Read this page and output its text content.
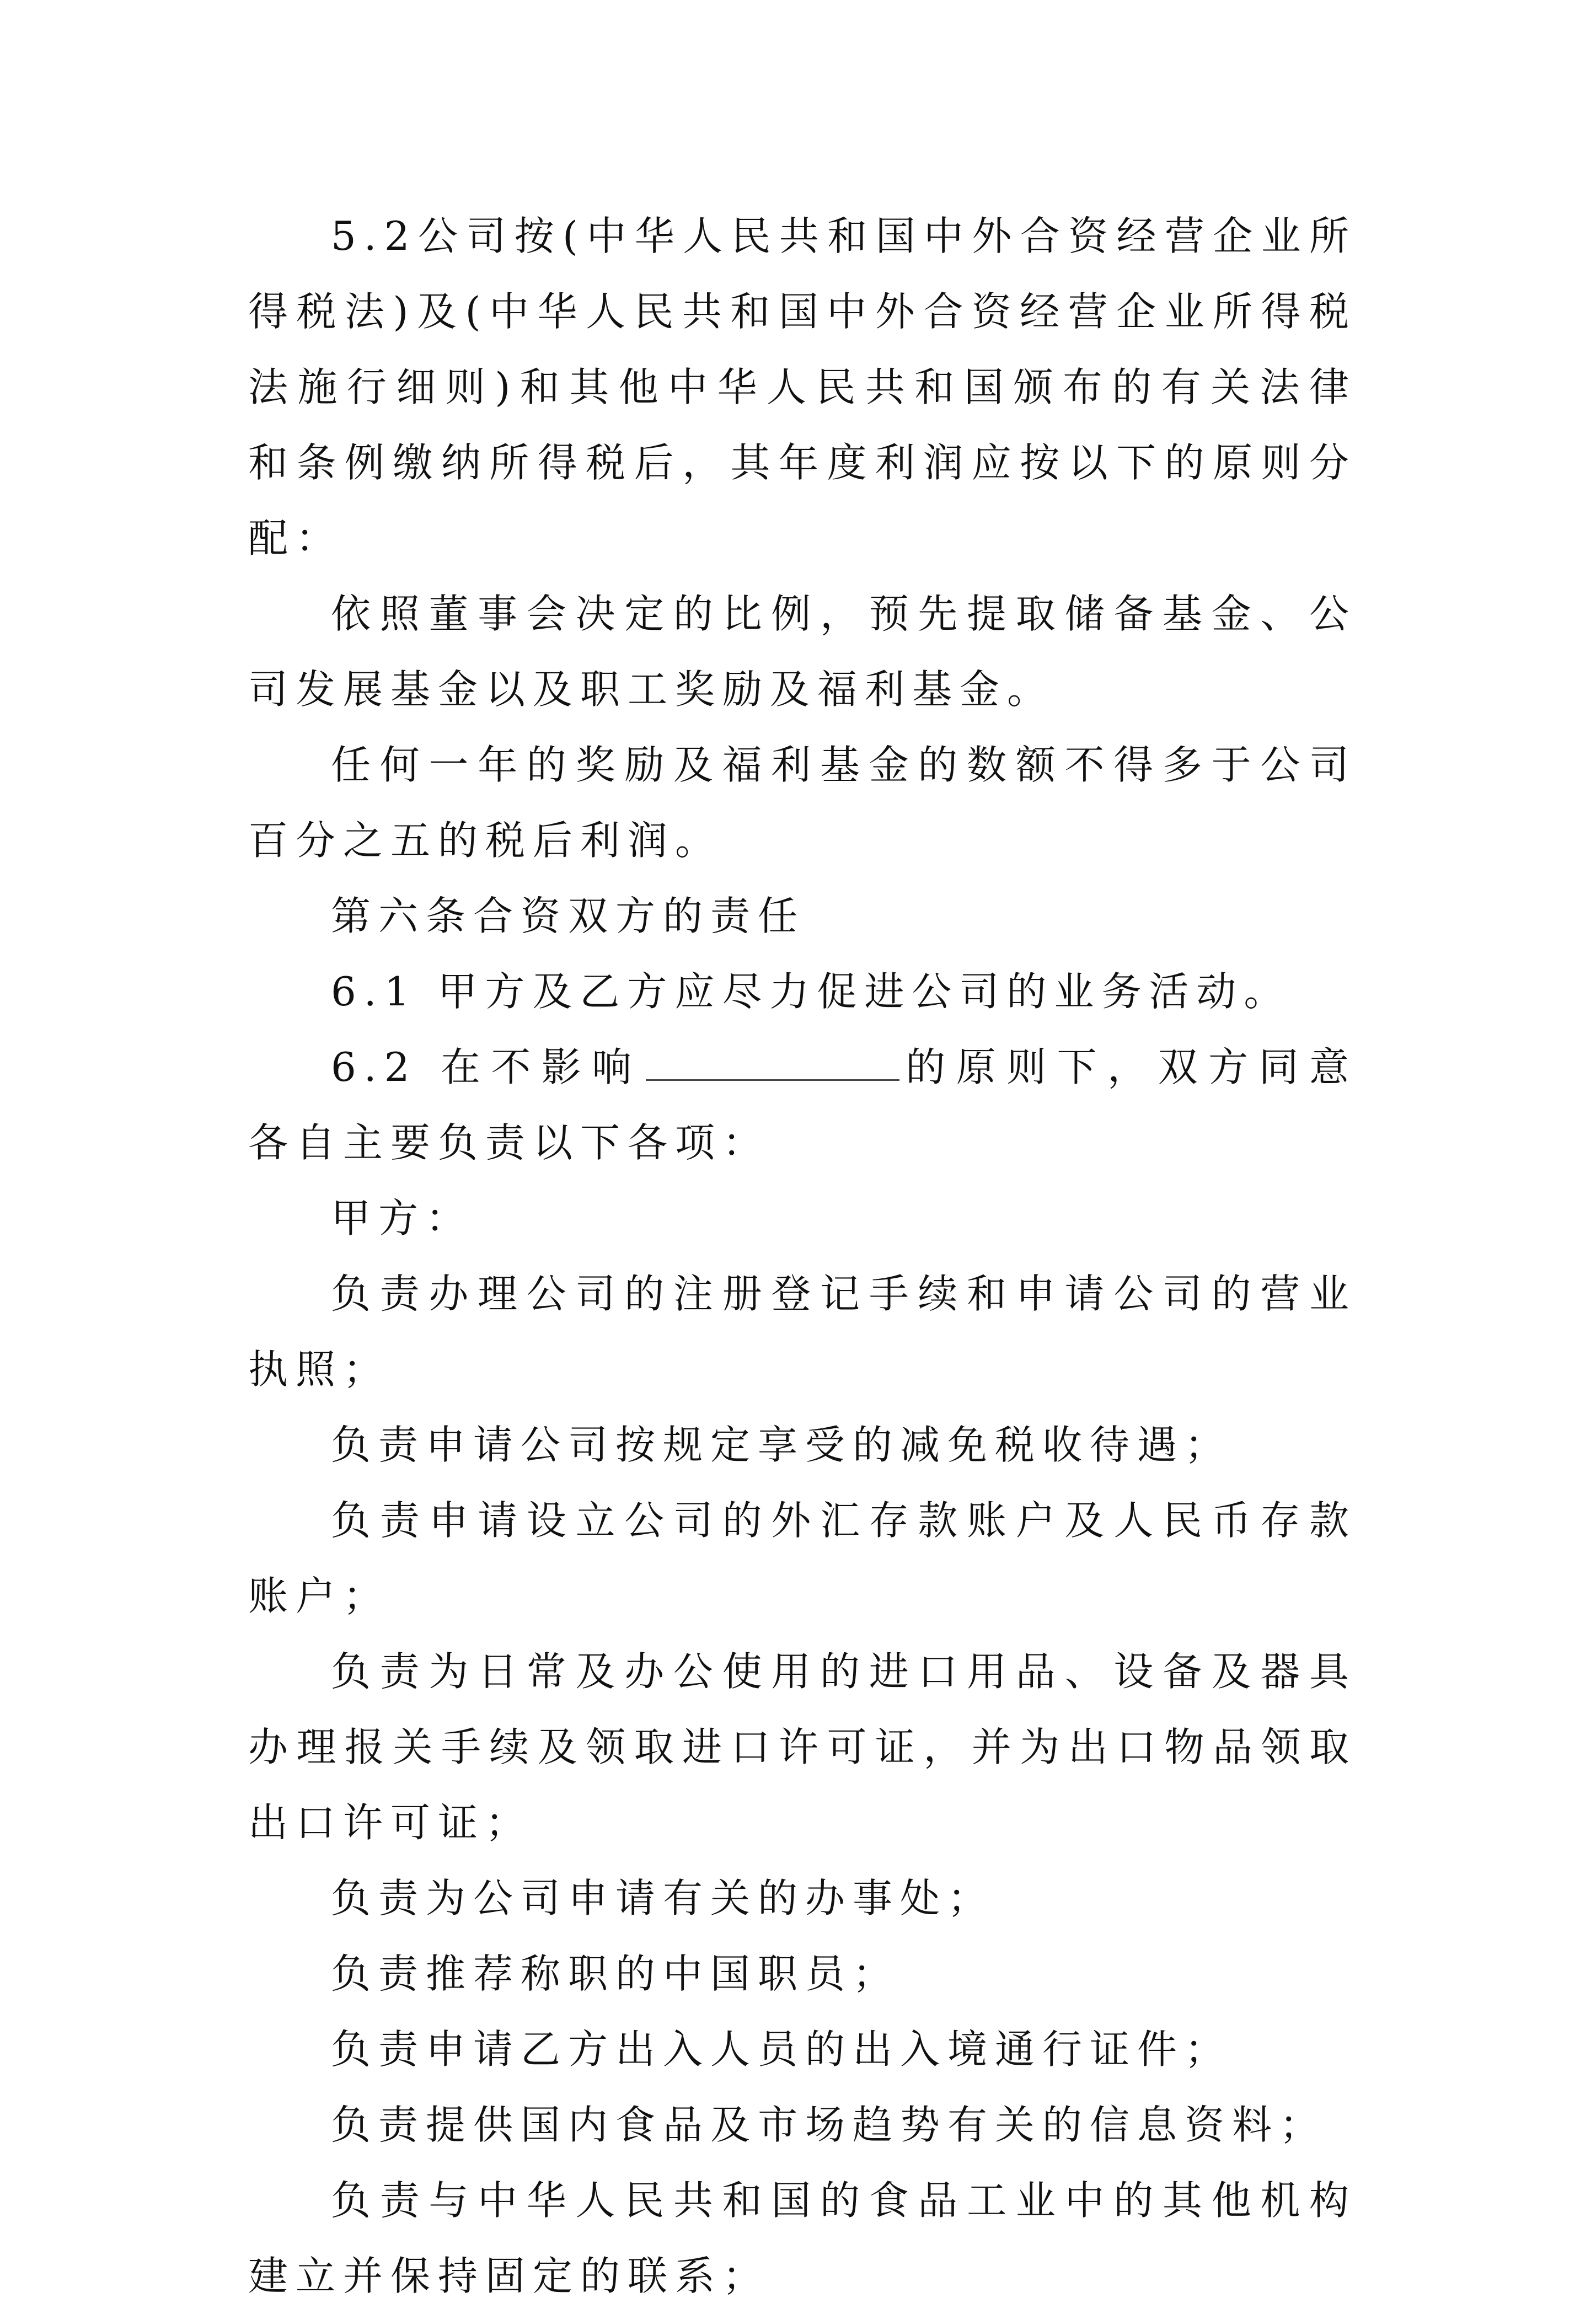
5.2公司按(中华人民共和国中外合资经营企业所得税法)及(中华人民共和国中外合资经营企业所得税法施行细则)和其他中华人民共和国颁布的有关法律和条例缴纳所得税后，其年度利润应按以下的原则分配：

依照董事会决定的比例，预先提取储备基金、公司发展基金以及职工奖励及福利基金。

任何一年的奖励及福利基金的数额不得多于公司百分之五的税后利润。

第六条合资双方的责任

6.1 甲方及乙方应尽力促进公司的业务活动。

6.2 在不影响	的原则下，双方同意各自主要负责以下各项：

甲方：

负责办理公司的注册登记手续和申请公司的营业执照；

负责申请公司按规定享受的减免税收待遇；

负责申请设立公司的外汇存款账户及人民币存款账户；

负责为日常及办公使用的进口用品、设备及器具办理报关手续及领取进口许可证，并为出口物品领取出口许可证；

负责为公司申请有关的办事处；

负责推荐称职的中国职员；

负责申请乙方出入人员的出入境通行证件；

负责提供国内食品及市场趋势有关的信息资料；

负责与中华人民共和国的食品工业中的其他机构建立并保持固定的联系；
